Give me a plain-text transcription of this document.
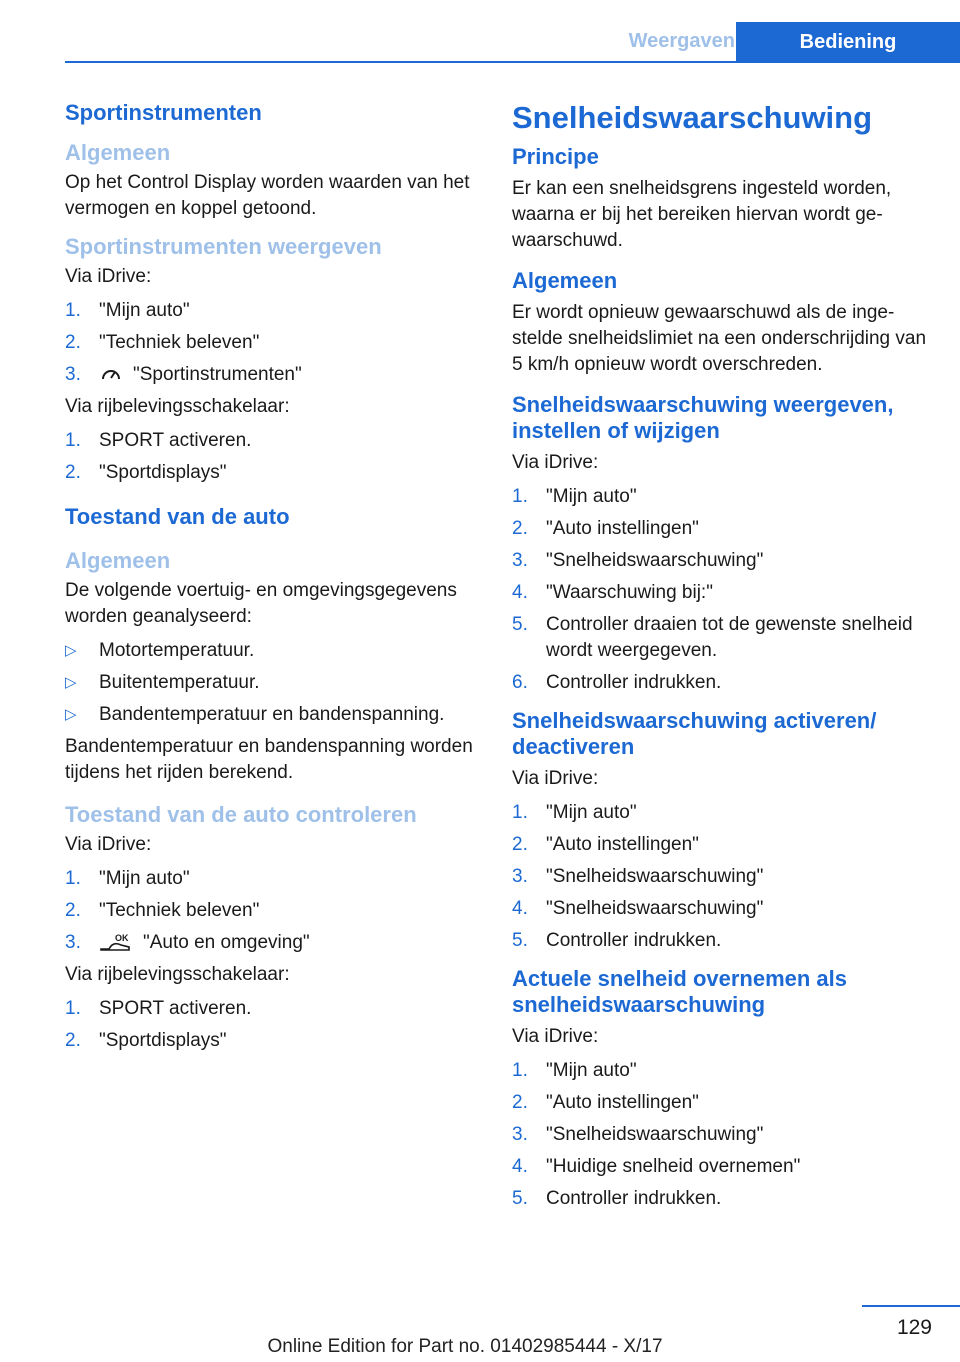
Weergaven	Bediening
Sportinstrumenten
Algemeen
Op het Control Display worden waarden van het vermogen en koppel getoond.
Sportinstrumenten weergeven
Via iDrive:
1. "Mijn auto"
2. "Techniek beleven"
3.	"Sportinstrumenten"
Via rijbelevingsschakelaar:
1. SPORT activeren.
2. "Sportdisplays"
Toestand van de auto
Algemeen
De volgende voertuig- en omgevingsgegevens worden geanalyseerd:
▷	Motortemperatuur.
▷	Buitentemperatuur.
▷	Bandentemperatuur en bandenspanning.
Bandentemperatuur en bandenspanning worden tijdens het rijden berekend.
Toestand van de auto controleren
Via iDrive:
1. "Mijn auto"
2. "Techniek beleven"
3.	OK "Auto en omgeving"
Via rijbelevingsschakelaar:
1. SPORT activeren.
2. "Sportdisplays"
Snelheidswaarschuwing
Principe
Er kan een snelheidsgrens ingesteld worden, waarna er bij het bereiken hiervan wordt gewaarschuwd.
Algemeen
Er wordt opnieuw gewaarschuwd als de ingestelde snelheidslimiet na een onderschrijding van 5 km/h opnieuw wordt overschreden.
Snelheidswaarschuwing weergeven, instellen of wijzigen
Via iDrive:
1. "Mijn auto"
2. "Auto instellingen"
3. "Snelheidswaarschuwing"
4. "Waarschuwing bij:"
5. Controller draaien tot de gewenste snelheid wordt weergegeven.
6. Controller indrukken.
Snelheidswaarschuwing activeren/ deactiveren
Via iDrive:
1. "Mijn auto"
2. "Auto instellingen"
3. "Snelheidswaarschuwing"
4. "Snelheidswaarschuwing"
5. Controller indrukken.
Actuele snelheid overnemen als snelheidswaarschuwing
Via iDrive:
1. "Mijn auto"
2. "Auto instellingen"
3. "Snelheidswaarschuwing"
4. "Huidige snelheid overnemen"
5. Controller indrukken.
129
Online Edition for Part no. 01402985444 - X/17
